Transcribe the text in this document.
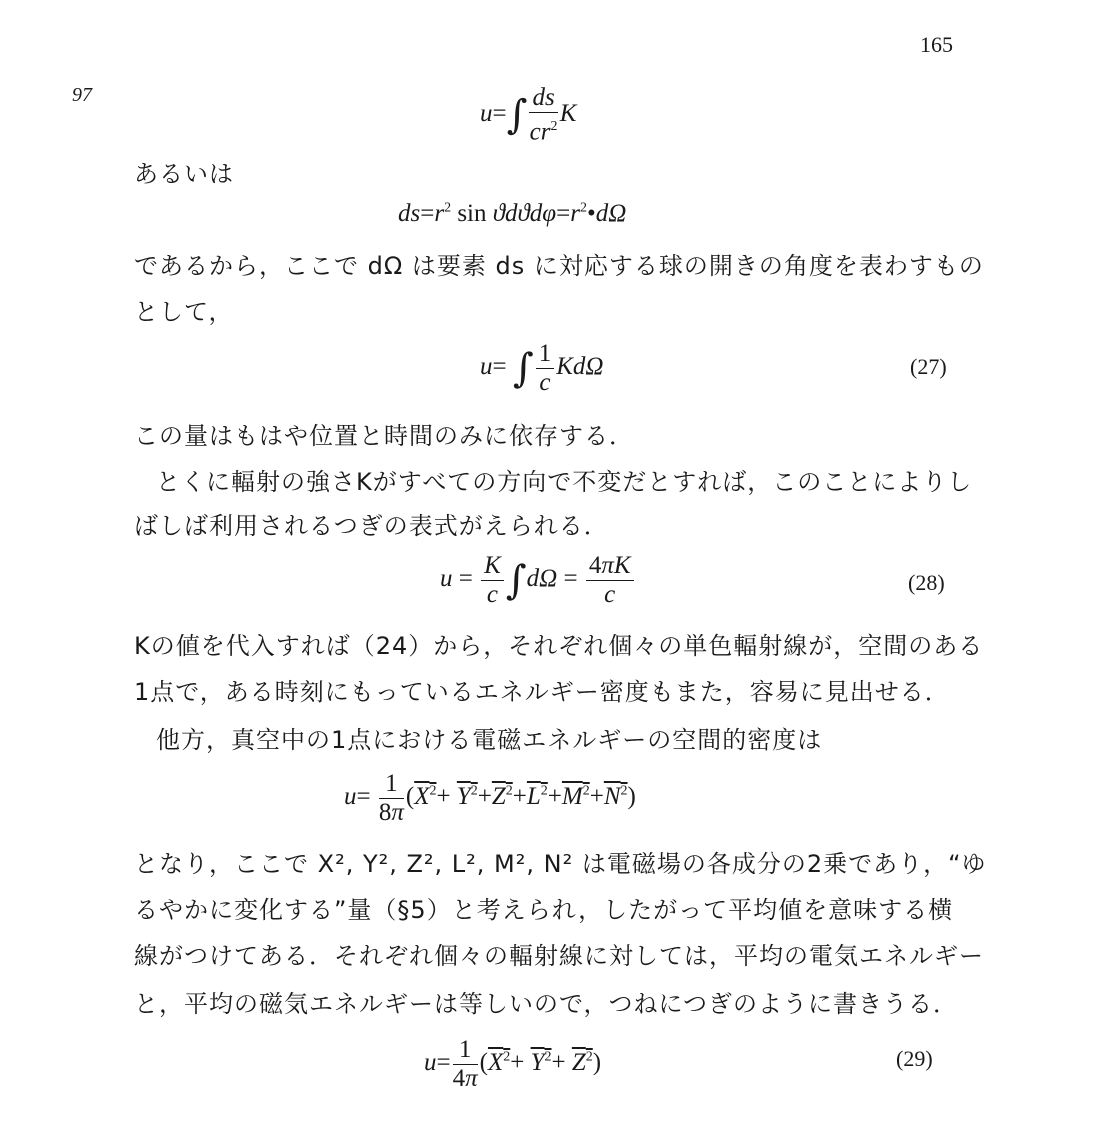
165
97
$u=\int \frac{ds}{cr^2}$ K
あるいは
$ds=r^2$ $\sin ϑdϑd\varphi=r^2•d\Omega$
であるから，ここで dΩ は要素 ds に対応する球の開きの角度を表わすもの
として，
u= ∫ $\frac{1}{c}$ KdΩ	(27)
この量はもはや位置と時間のみに依存する．
とくに輻射の強さKがすべての方向で不変だとすれば，このことによりし
ばしば利用されるつぎの表式がえられる．
$u = \frac{K}{c} \int d\Omega = \frac{4\pi K}{c}$	(28)
Kの値を代入すれば（24）から，それぞれ個々の単色輻射線が，空間のある
1点で，ある時刻にもっているエネルギー密度もまた，容易に見出せる．
他方，真空中の1点における電磁エネルギーの空間的密度は
$u= \frac{1}{8\pi} (X^2+ Y^2+Z^2+L^2+M^2+N^2)$
となり，ここで X², Y², Z², L², M², N² は電磁場の各成分の2乗であり，“ゆ
るやかに変化する”量（§5）と考えられ，したがって平均値を意味する横
線がつけてある．それぞれ個々の輻射線に対しては，平均の電気エネルギー
と，平均の磁気エネルギーは等しいので，つねにつぎのように書きうる．
$u= \frac{1}{4\pi} (X^2+ Y^2+ Z^2)$	(29)
